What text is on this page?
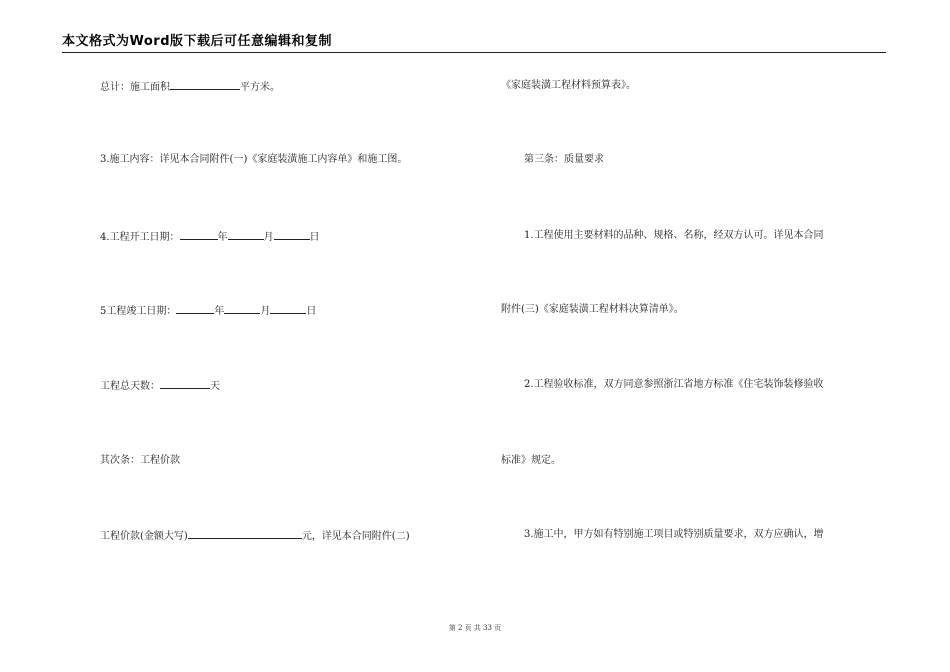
本文格式为Word版下载后可任意编辑和复制
总计：施工面积	平方米。
3.施工内容：详见本合同附件(一)《家庭装潢施工内容单》和施工图。
4.工程开工日期：	年	月	日
5工程竣工日期：	年	月	日
工程总天数：	天
其次条：工程价款
工程价款(金额大写)	元，详见本合同附件(二)
《家庭装潢工程材料预算表》。
第三条：质量要求
1.工程使用主要材料的品种、规格、名称，经双方认可。详见本合同
附件(三)《家庭装潢工程材料决算清单》。
2.工程验收标准，双方同意参照浙江省地方标准《住宅装饰装修验收
标准》规定。
3.施工中，甲方如有特别施工项目或特别质量要求，双方应确认，增
第 2 页 共 33 页
